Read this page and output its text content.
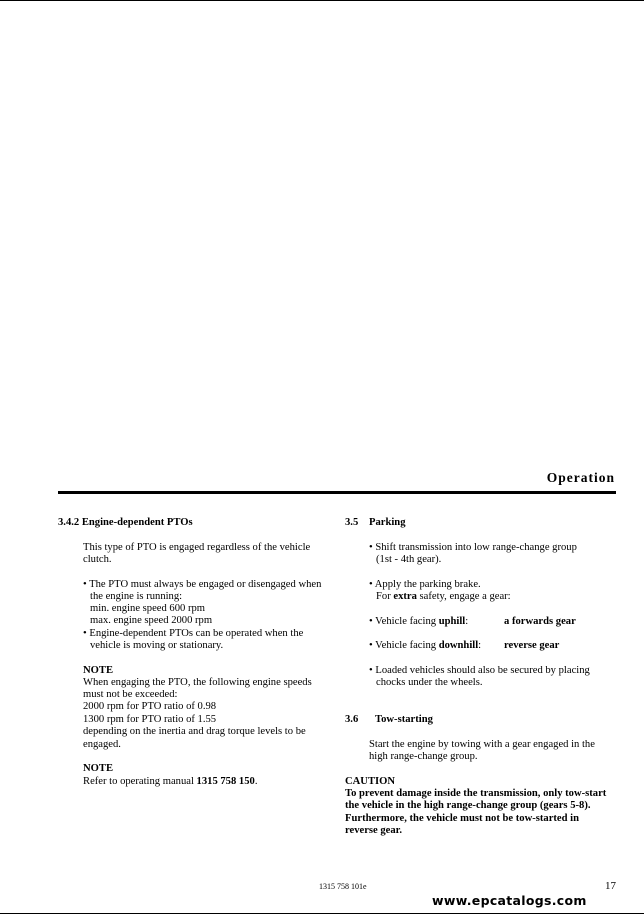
Operation
3.4.2 Engine-dependent PTOs
This type of PTO is engaged regardless of the vehicle
clutch.
• The PTO must always be engaged or disengaged when
the engine is running:
min. engine speed 600 rpm
max. engine speed 2000 rpm
• Engine-dependent PTOs can be operated when the
vehicle is moving or stationary.
NOTE
When engaging the PTO, the following engine speeds
must not be exceeded:
2000 rpm for PTO ratio of 0.98
1300 rpm for PTO ratio of 1.55
depending on the inertia and drag torque levels to be
engaged.
NOTE
Refer to operating manual 1315 758 150.
3.5 Parking
• Shift transmission into low range-change group
(1st - 4th gear).
• Apply the parking brake.
For extra safety, engage a gear:
• Vehicle facing uphill:	a forwards gear
• Vehicle facing downhill: reverse gear
• Loaded vehicles should also be secured by placing
chocks under the wheels.
3.6 Tow-starting
Start the engine by towing with a gear engaged in the
high range-change group.
CAUTION
To prevent damage inside the transmission, only tow-start
the vehicle in the high range-change group (gears 5-8).
Furthermore, the vehicle must not be tow-started in
reverse gear.
1315 758 101e	17
www.epcatalogs.com
